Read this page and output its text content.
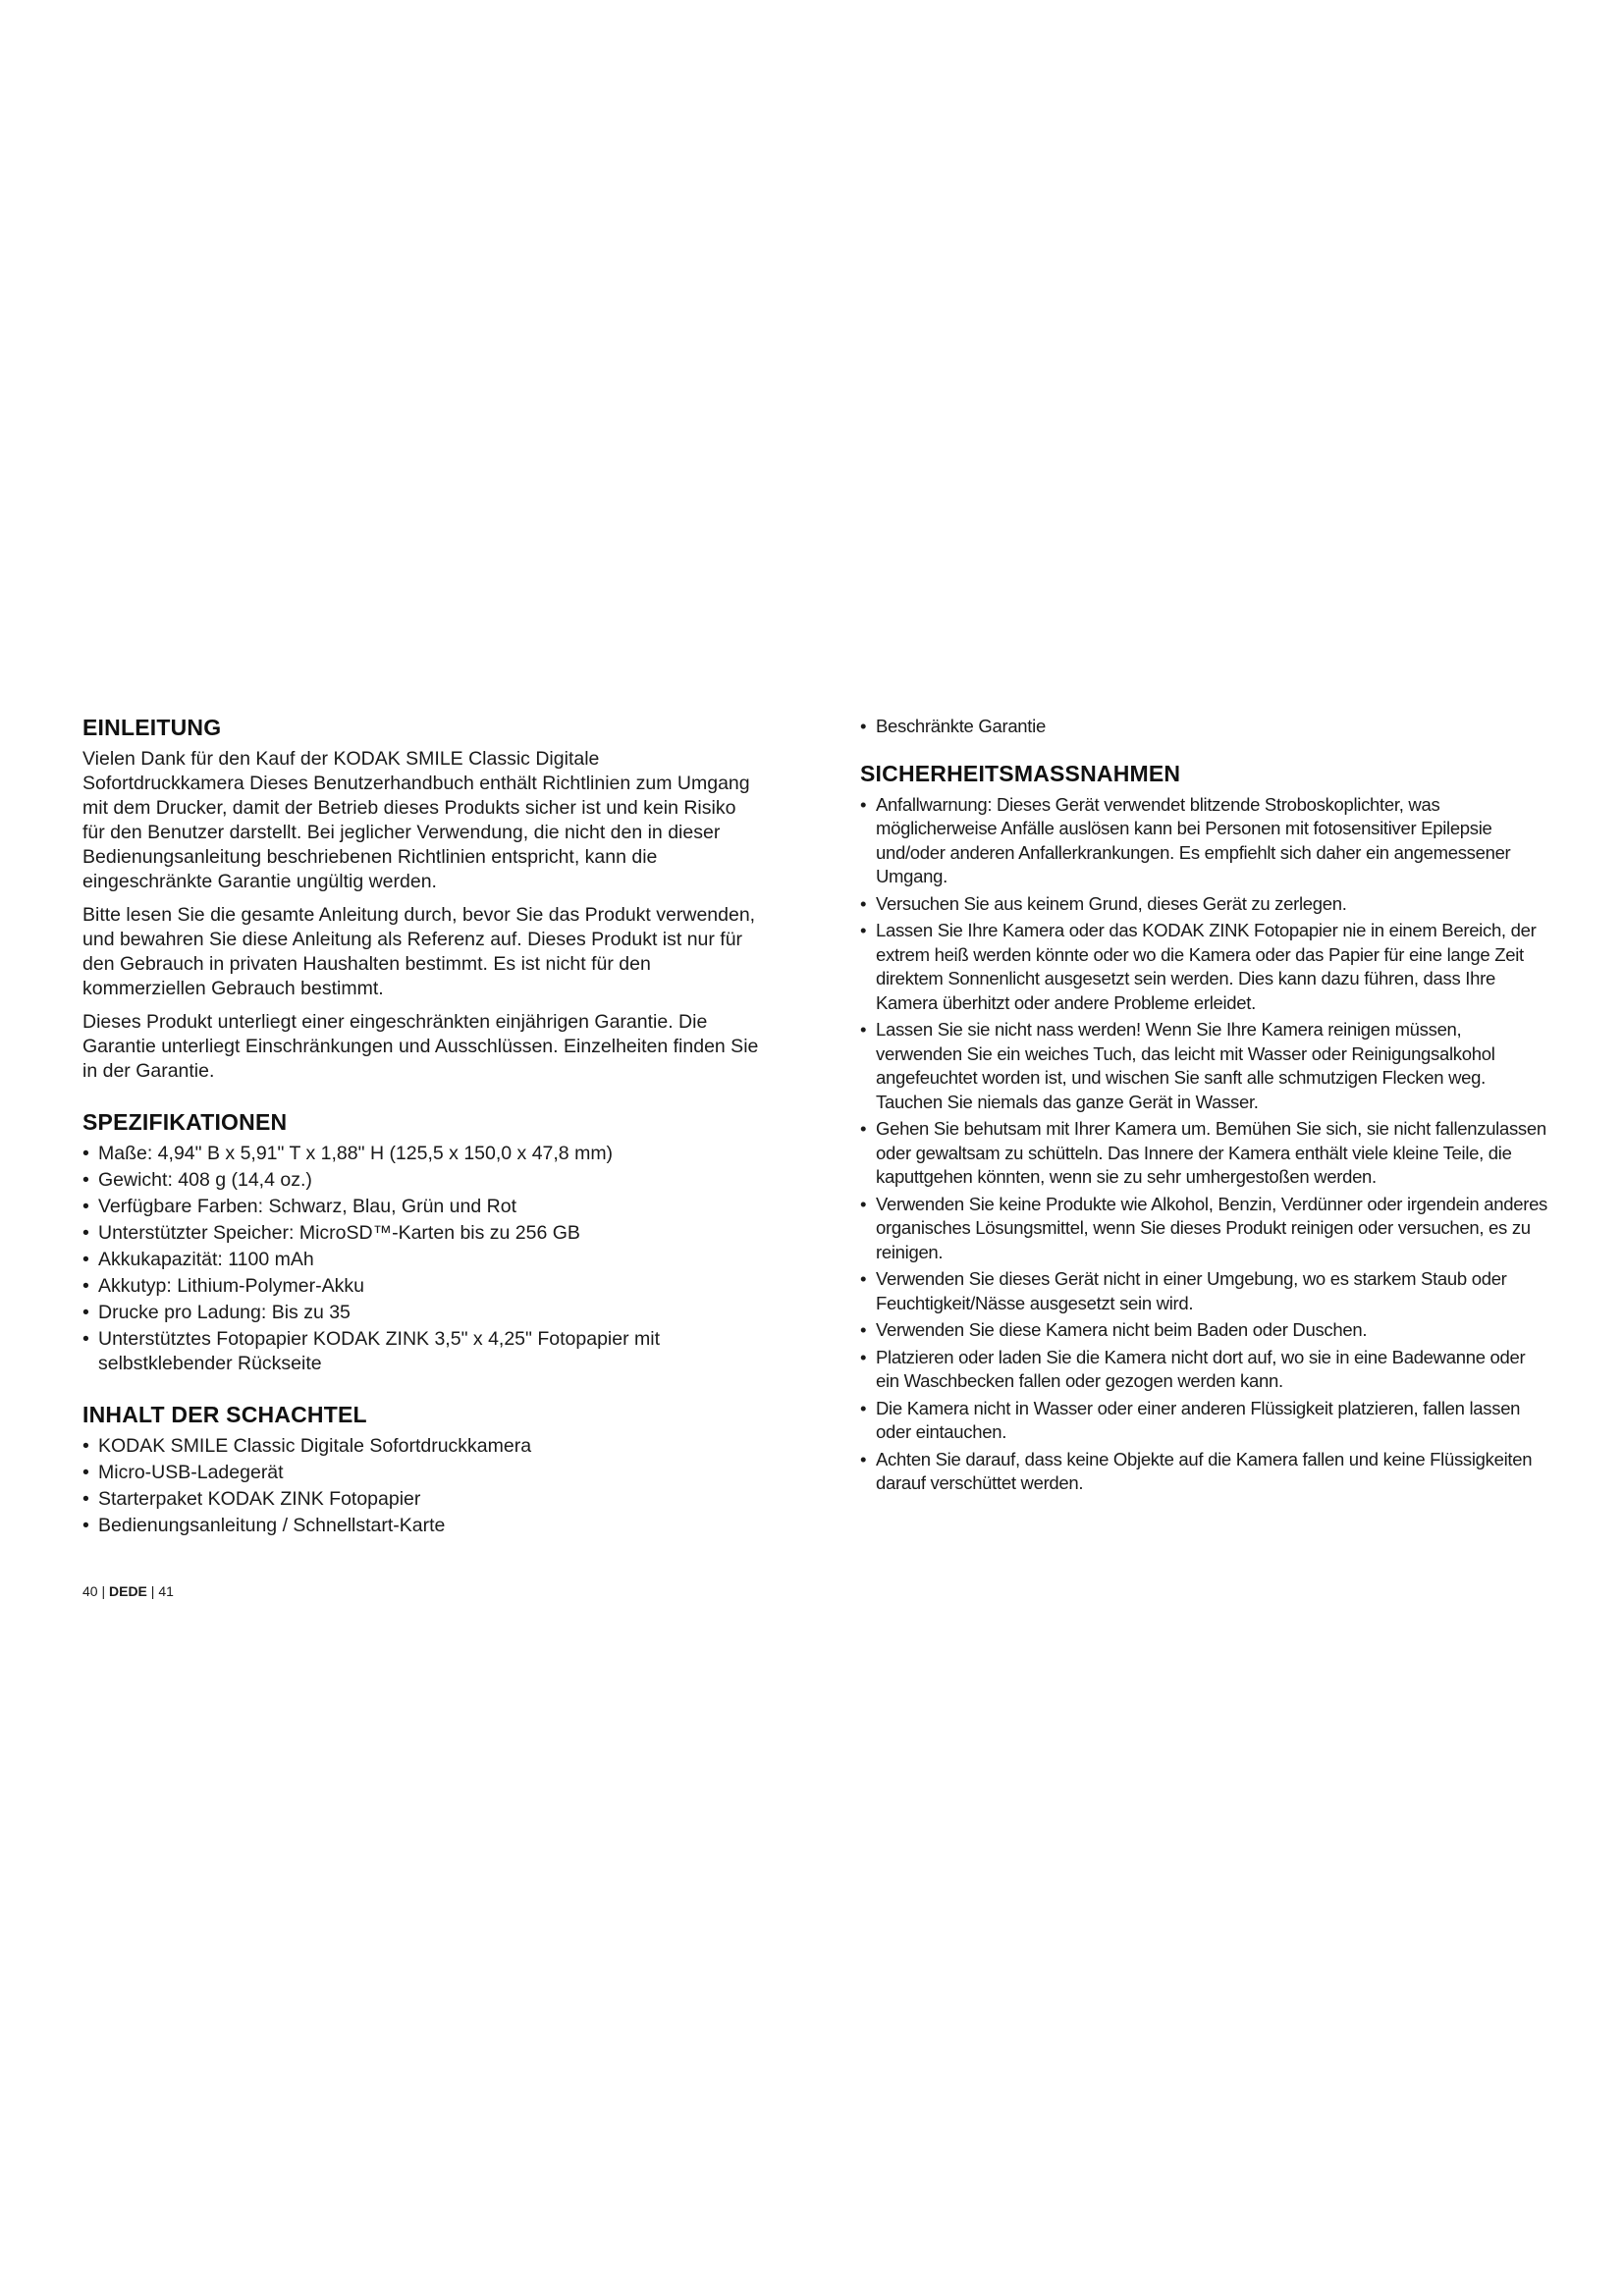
EINLEITUNG

Vielen Dank für den Kauf der KODAK SMILE Classic Digitale Sofortdruckkamera Dieses Benutzerhandbuch enthält Richtlinien zum Umgang mit dem Drucker, damit der Betrieb dieses Produkts sicher ist und kein Risiko für den Benutzer darstellt. Bei jeglicher Verwendung, die nicht den in dieser Bedienungsanleitung beschriebenen Richtlinien entspricht, kann die eingeschränkte Garantie ungültig werden.

Bitte lesen Sie die gesamte Anleitung durch, bevor Sie das Produkt verwenden, und bewahren Sie diese Anleitung als Referenz auf. Dieses Produkt ist nur für den Gebrauch in privaten Haushalten bestimmt. Es ist nicht für den kommerziellen Gebrauch bestimmt.

Dieses Produkt unterliegt einer eingeschränkten einjährigen Garantie. Die Garantie unterliegt Einschränkungen und Ausschlüssen. Einzelheiten finden Sie in der Garantie.

SPEZIFIKATIONEN
• Maße: 4,94" B x 5,91" T x 1,88" H (125,5 x 150,0 x 47,8 mm)
• Gewicht: 408 g (14,4 oz.)
• Verfügbare Farben: Schwarz, Blau, Grün und Rot
• Unterstützter Speicher: MicroSD™-Karten bis zu 256 GB
• Akkukapazität: 1100 mAh
• Akkutyp: Lithium-Polymer-Akku
• Drucke pro Ladung: Bis zu 35
• Unterstütztes Fotopapier KODAK ZINK 3,5" x 4,25" Fotopapier mit selbstklebender Rückseite
INHALT DER SCHACHTEL
• KODAK SMILE Classic Digitale Sofortdruckkamera
• Micro-USB-Ladegerät
• Starterpaket KODAK ZINK Fotopapier
• Bedienungsanleitung / Schnellstart-Karte
• Beschränkte Garantie
SICHERHEITSMASSNAHMEN
• Anfallwarnung: Dieses Gerät verwendet blitzende Stroboskoplichter, was möglicherweise Anfälle auslösen kann bei Personen mit fotosensitiver Epilepsie und/oder anderen Anfallerkrankungen. Es empfiehlt sich daher ein angemessener Umgang.
• Versuchen Sie aus keinem Grund, dieses Gerät zu zerlegen.
• Lassen Sie Ihre Kamera oder das KODAK ZINK Fotopapier nie in einem Bereich, der extrem heiß werden könnte oder wo die Kamera oder das Papier für eine lange Zeit direktem Sonnenlicht ausgesetzt sein werden. Dies kann dazu führen, dass Ihre Kamera überhitzt oder andere Probleme erleidet.
• Lassen Sie sie nicht nass werden! Wenn Sie Ihre Kamera reinigen müssen, verwenden Sie ein weiches Tuch, das leicht mit Wasser oder Reinigungsalkohol angefeuchtet worden ist, und wischen Sie sanft alle schmutzigen Flecken weg. Tauchen Sie niemals das ganze Gerät in Wasser.
• Gehen Sie behutsam mit Ihrer Kamera um. Bemühen Sie sich, sie nicht fallenzulassen oder gewaltsam zu schütteln. Das Innere der Kamera enthält viele kleine Teile, die kaputtgehen könnten, wenn sie zu sehr umhergestoßen werden.
• Verwenden Sie keine Produkte wie Alkohol, Benzin, Verdünner oder irgendein anderes organisches Lösungsmittel, wenn Sie dieses Produkt reinigen oder versuchen, es zu reinigen.
• Verwenden Sie dieses Gerät nicht in einer Umgebung, wo es starkem Staub oder Feuchtigkeit/Nässe ausgesetzt sein wird.
• Verwenden Sie diese Kamera nicht beim Baden oder Duschen.
• Platzieren oder laden Sie die Kamera nicht dort auf, wo sie in eine Badewanne oder ein Waschbecken fallen oder gezogen werden kann.
• Die Kamera nicht in Wasser oder einer anderen Flüssigkeit platzieren, fallen lassen oder eintauchen.
• Achten Sie darauf, dass keine Objekte auf die Kamera fallen und keine Flüssigkeiten darauf verschüttet werden.
40 | DEDE | 41
